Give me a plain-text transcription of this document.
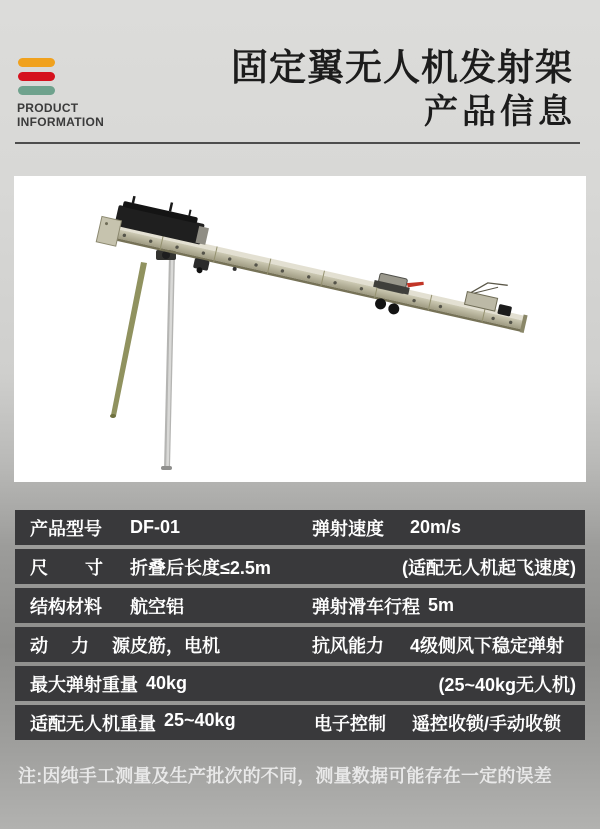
PRODUCT
INFORMATION
固定翼无人机发射架
产品信息
产品型号	DF-01	弹射速度	20m/s
尺寸	折叠后长度≤2.5m	(适配无人机起飞速度)
结构材料	航空铝	弹射滑车行程 5m
动力源 皮筋，电机	抗风能力	4级侧风下稳定弹射
最大弹射重量 40kg	(25~40kg无人机)
适配无人机重量 25~40kg	电子控制	遥控收锁/手动收锁
注:因纯手工测量及生产批次的不同，测量数据可能存在一定的误差
